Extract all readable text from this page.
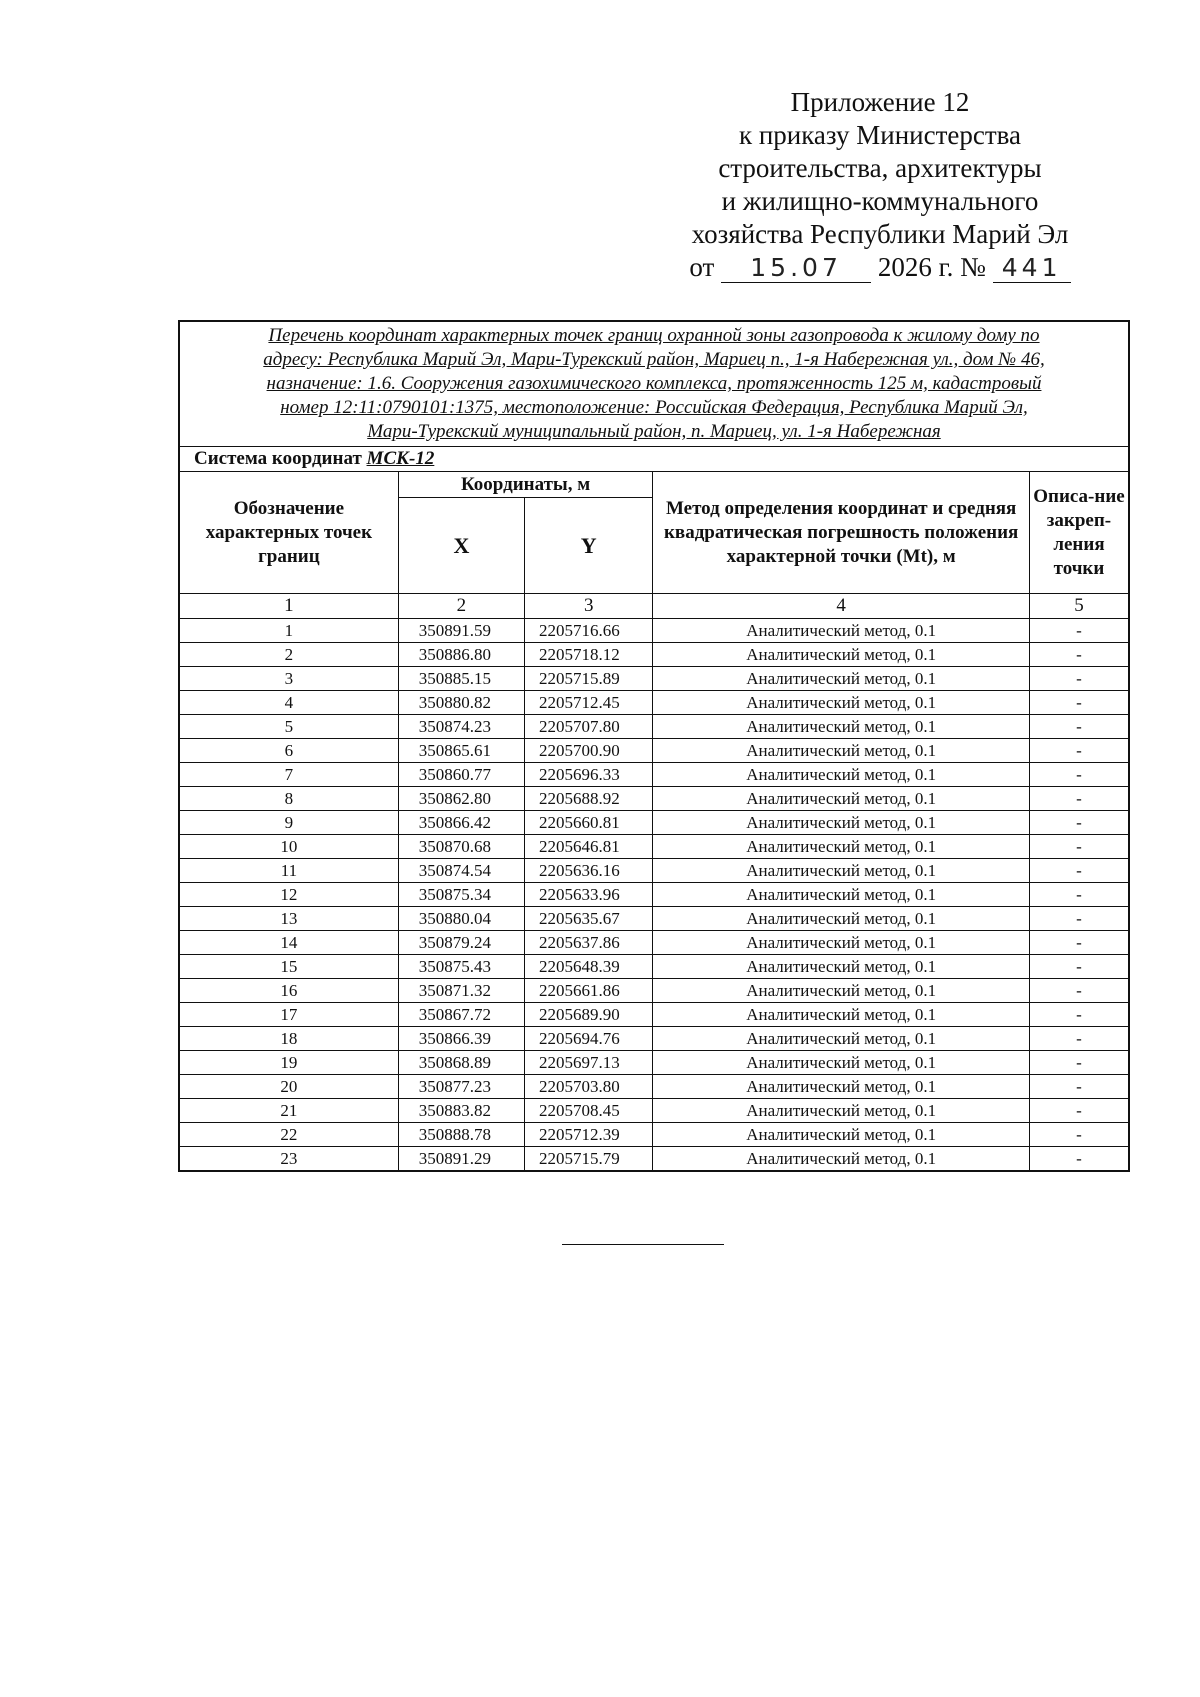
Приложение 12
к приказу Министерства
строительства, архитектуры
и жилищно-коммунального
хозяйства Республики Марий Эл
от 15.07 2026 г. № 441
Перечень координат характерных точек границ охранной зоны газопровода к жилому дому по
адресу: Республика Марий Эл, Мари-Турекский район, Мариец п., 1-я Набережная ул., дом № 46,
назначение: 1.6. Сооружения газохимического комплекса, протяженность 125 м, кадастровый
номер 12:11:0790101:1375, местоположение: Российская Федерация, Республика Марий Эл,
Мари-Турекский муниципальный район, п. Мариец, ул. 1-я Набережная				

Система координат МСК-12				
Обозначение характерных точек границ	Координаты, м		Метод определения координат и средняя квадратическая погрешность положения характерной точки (Mt), м	Описа-ние закреп-ления точки
	X	Y		
1	2	3	4	5
1	350891.59	2205716.66	Аналитический метод, 0.1	-
2	350886.80	2205718.12	Аналитический метод, 0.1	-
3	350885.15	2205715.89	Аналитический метод, 0.1	-
4	350880.82	2205712.45	Аналитический метод, 0.1	-
5	350874.23	2205707.80	Аналитический метод, 0.1	-
6	350865.61	2205700.90	Аналитический метод, 0.1	-
7	350860.77	2205696.33	Аналитический метод, 0.1	-
8	350862.80	2205688.92	Аналитический метод, 0.1	-
9	350866.42	2205660.81	Аналитический метод, 0.1	-
10	350870.68	2205646.81	Аналитический метод, 0.1	-
11	350874.54	2205636.16	Аналитический метод, 0.1	-
12	350875.34	2205633.96	Аналитический метод, 0.1	-
13	350880.04	2205635.67	Аналитический метод, 0.1	-
14	350879.24	2205637.86	Аналитический метод, 0.1	-
15	350875.43	2205648.39	Аналитический метод, 0.1	-
16	350871.32	2205661.86	Аналитический метод, 0.1	-
17	350867.72	2205689.90	Аналитический метод, 0.1	-
18	350866.39	2205694.76	Аналитический метод, 0.1	-
19	350868.89	2205697.13	Аналитический метод, 0.1	-
20	350877.23	2205703.80	Аналитический метод, 0.1	-
21	350883.82	2205708.45	Аналитический метод, 0.1	-
22	350888.78	2205712.39	Аналитический метод, 0.1	-
23	350891.29	2205715.79	Аналитический метод, 0.1	-
